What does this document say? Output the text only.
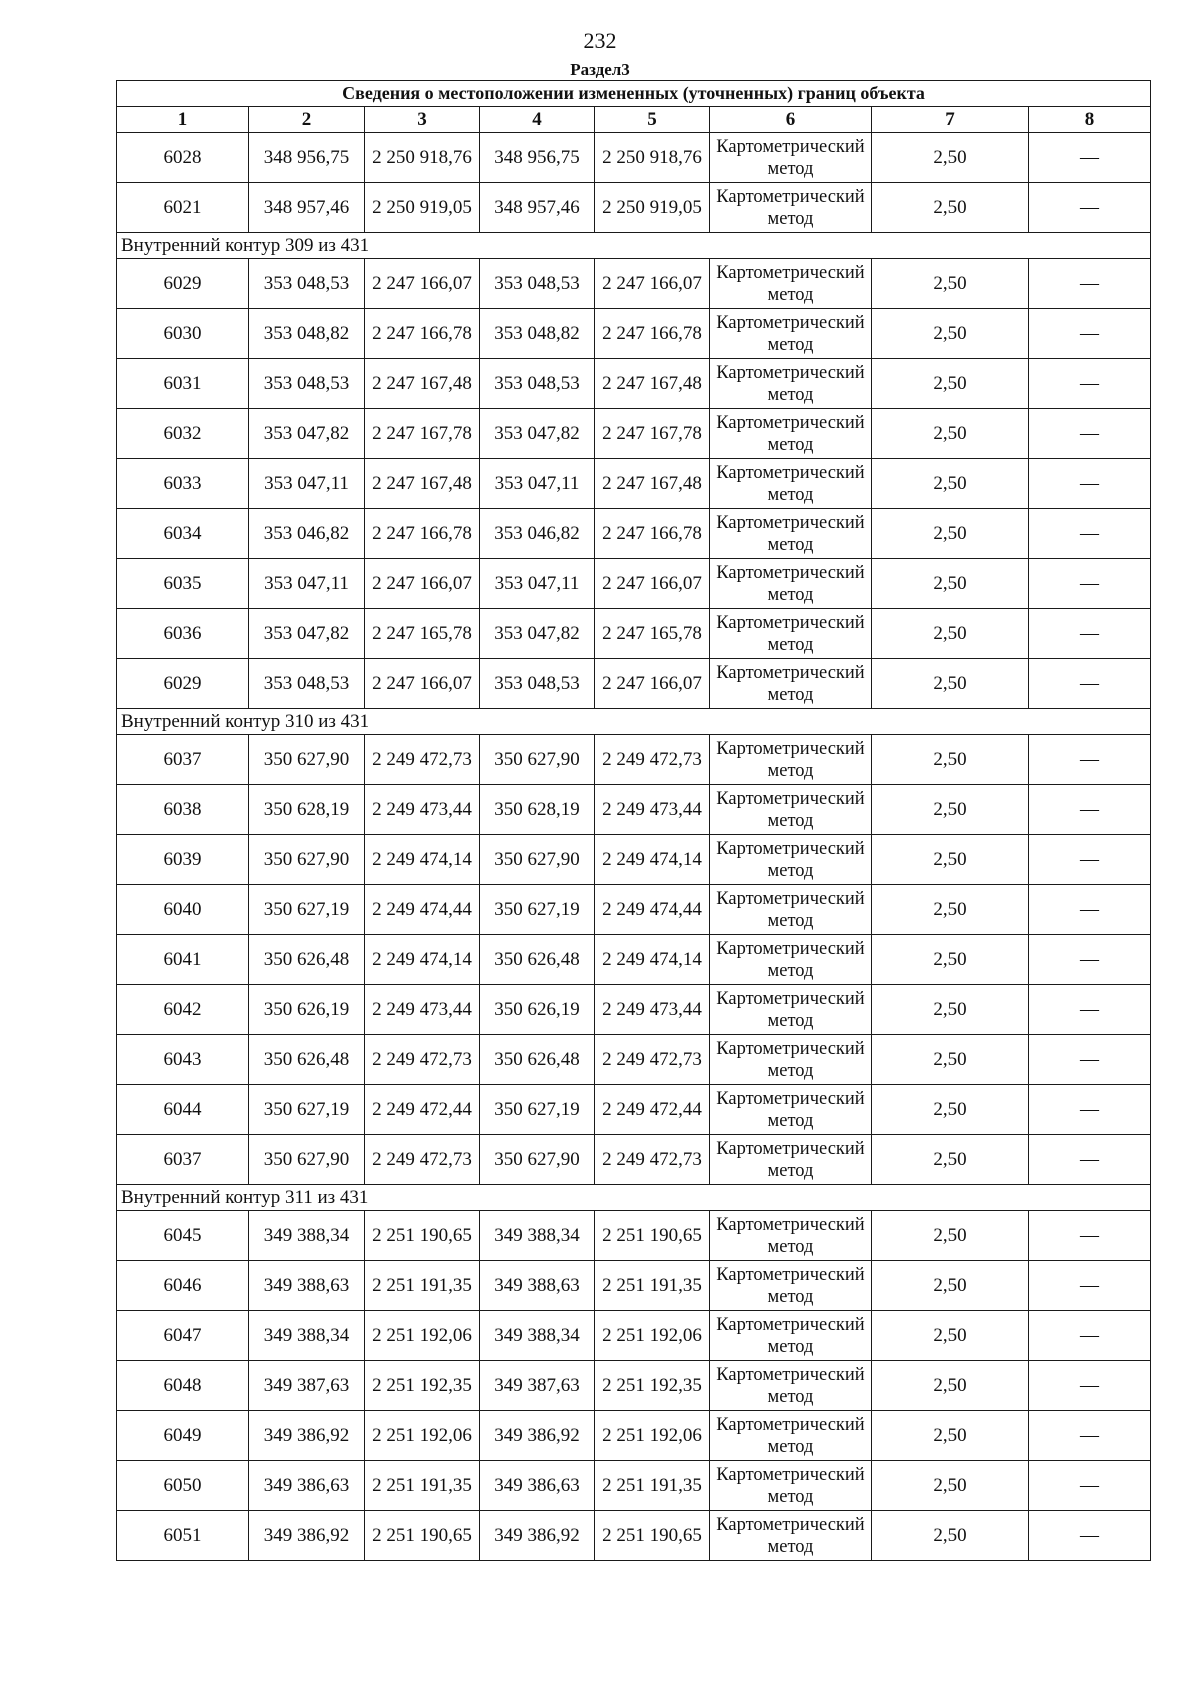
232
Раздел3
Сведения о местоположении измененных (уточненных) границ объекта							
1	2	3	4	5	6	7	8
6028	348 956,75	2 250 918,76	348 956,75	2 250 918,76	Картометрический метод	2,50	—
6021	348 957,46	2 250 919,05	348 957,46	2 250 919,05	Картометрический метод	2,50	—
Внутренний контур 309 из 431							
6029	353 048,53	2 247 166,07	353 048,53	2 247 166,07	Картометрический метод	2,50	—
6030	353 048,82	2 247 166,78	353 048,82	2 247 166,78	Картометрический метод	2,50	—
6031	353 048,53	2 247 167,48	353 048,53	2 247 167,48	Картометрический метод	2,50	—
6032	353 047,82	2 247 167,78	353 047,82	2 247 167,78	Картометрический метод	2,50	—
6033	353 047,11	2 247 167,48	353 047,11	2 247 167,48	Картометрический метод	2,50	—
6034	353 046,82	2 247 166,78	353 046,82	2 247 166,78	Картометрический метод	2,50	—
6035	353 047,11	2 247 166,07	353 047,11	2 247 166,07	Картометрический метод	2,50	—
6036	353 047,82	2 247 165,78	353 047,82	2 247 165,78	Картометрический метод	2,50	—
6029	353 048,53	2 247 166,07	353 048,53	2 247 166,07	Картометрический метод	2,50	—
Внутренний контур 310 из 431							
6037	350 627,90	2 249 472,73	350 627,90	2 249 472,73	Картометрический метод	2,50	—
6038	350 628,19	2 249 473,44	350 628,19	2 249 473,44	Картометрический метод	2,50	—
6039	350 627,90	2 249 474,14	350 627,90	2 249 474,14	Картометрический метод	2,50	—
6040	350 627,19	2 249 474,44	350 627,19	2 249 474,44	Картометрический метод	2,50	—
6041	350 626,48	2 249 474,14	350 626,48	2 249 474,14	Картометрический метод	2,50	—
6042	350 626,19	2 249 473,44	350 626,19	2 249 473,44	Картометрический метод	2,50	—
6043	350 626,48	2 249 472,73	350 626,48	2 249 472,73	Картометрический метод	2,50	—
6044	350 627,19	2 249 472,44	350 627,19	2 249 472,44	Картометрический метод	2,50	—
6037	350 627,90	2 249 472,73	350 627,90	2 249 472,73	Картометрический метод	2,50	—
Внутренний контур 311 из 431							
6045	349 388,34	2 251 190,65	349 388,34	2 251 190,65	Картометрический метод	2,50	—
6046	349 388,63	2 251 191,35	349 388,63	2 251 191,35	Картометрический метод	2,50	—
6047	349 388,34	2 251 192,06	349 388,34	2 251 192,06	Картометрический метод	2,50	—
6048	349 387,63	2 251 192,35	349 387,63	2 251 192,35	Картометрический метод	2,50	—
6049	349 386,92	2 251 192,06	349 386,92	2 251 192,06	Картометрический метод	2,50	—
6050	349 386,63	2 251 191,35	349 386,63	2 251 191,35	Картометрический метод	2,50	—
6051	349 386,92	2 251 190,65	349 386,92	2 251 190,65	Картометрический метод	2,50	—
